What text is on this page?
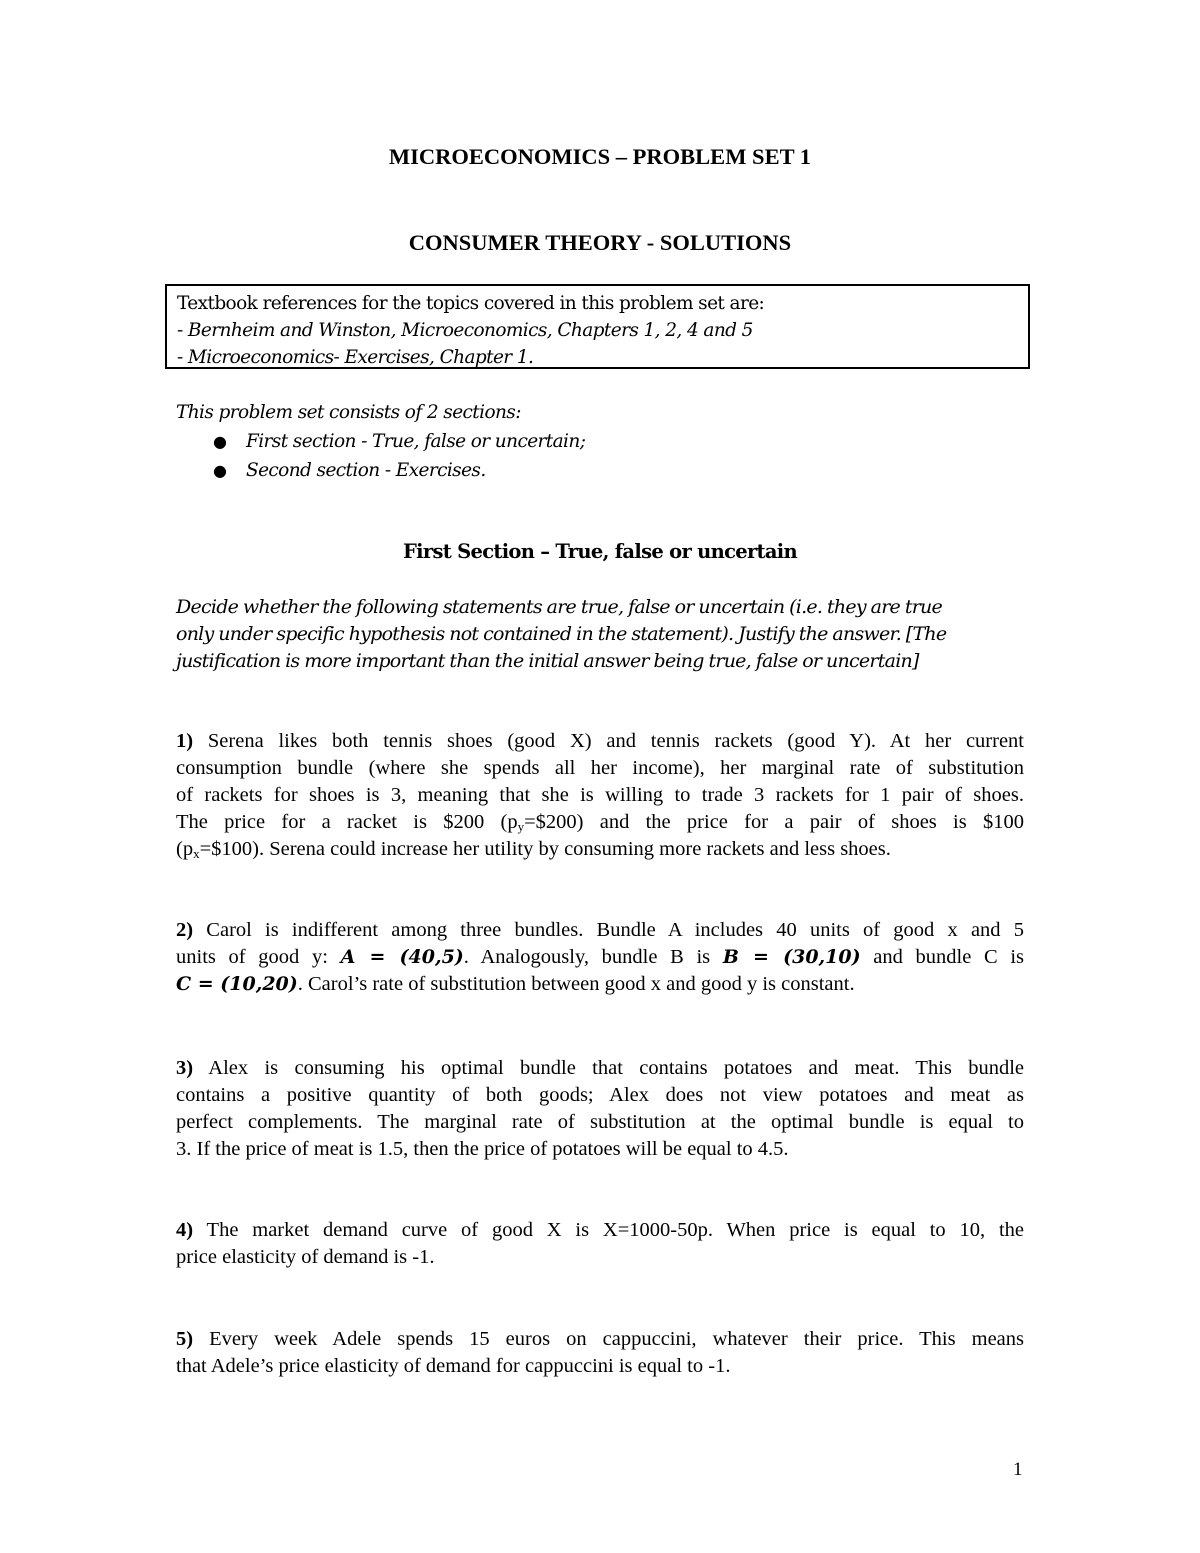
MICROECONOMICS – PROBLEM SET 1
CONSUMER THEORY - SOLUTIONS
Textbook references for the topics covered in this problem set are:
- Bernheim and Winston, Microeconomics, Chapters 1, 2, 4 and 5
- Microeconomics- Exercises, Chapter 1.
This problem set consists of 2 sections:
● First section - True, false or uncertain;
● Second section - Exercises.
First Section – True, false or uncertain
Decide whether the following statements are true, false or uncertain (i.e. they are true
only under specific hypothesis not contained in the statement). Justify the answer. [The
justification is more important than the initial answer being true, false or uncertain]
1) Serena likes both tennis shoes (good X) and tennis rackets (good Y). At her current
consumption bundle (where she spends all her income), her marginal rate of substitution
of rackets for shoes is 3, meaning that she is willing to trade 3 rackets for 1 pair of shoes.
The price for a racket is $200 $(p_y=\$200)$ and the price for a pair of shoes is $100
$(p_x=\$100)$. Serena could increase her utility by consuming more rackets and less shoes.
2) Carol is indifferent among three bundles. Bundle A includes 40 units of good x and 5
units of good y: A = (40,5). Analogously, bundle B is B = (30,10) and bundle C is
C = (10,20). Carol’s rate of substitution between good x and good y is constant.
3) Alex is consuming his optimal bundle that contains potatoes and meat. This bundle
contains a positive quantity of both goods; Alex does not view potatoes and meat as
perfect complements. The marginal rate of substitution at the optimal bundle is equal to
3. If the price of meat is 1.5, then the price of potatoes will be equal to 4.5.
4) The market demand curve of good X is X=1000-50p. When price is equal to 10, the
price elasticity of demand is -1.
5) Every week Adele spends 15 euros on cappuccini, whatever their price. This means
that Adele’s price elasticity of demand for cappuccini is equal to -1.
1
